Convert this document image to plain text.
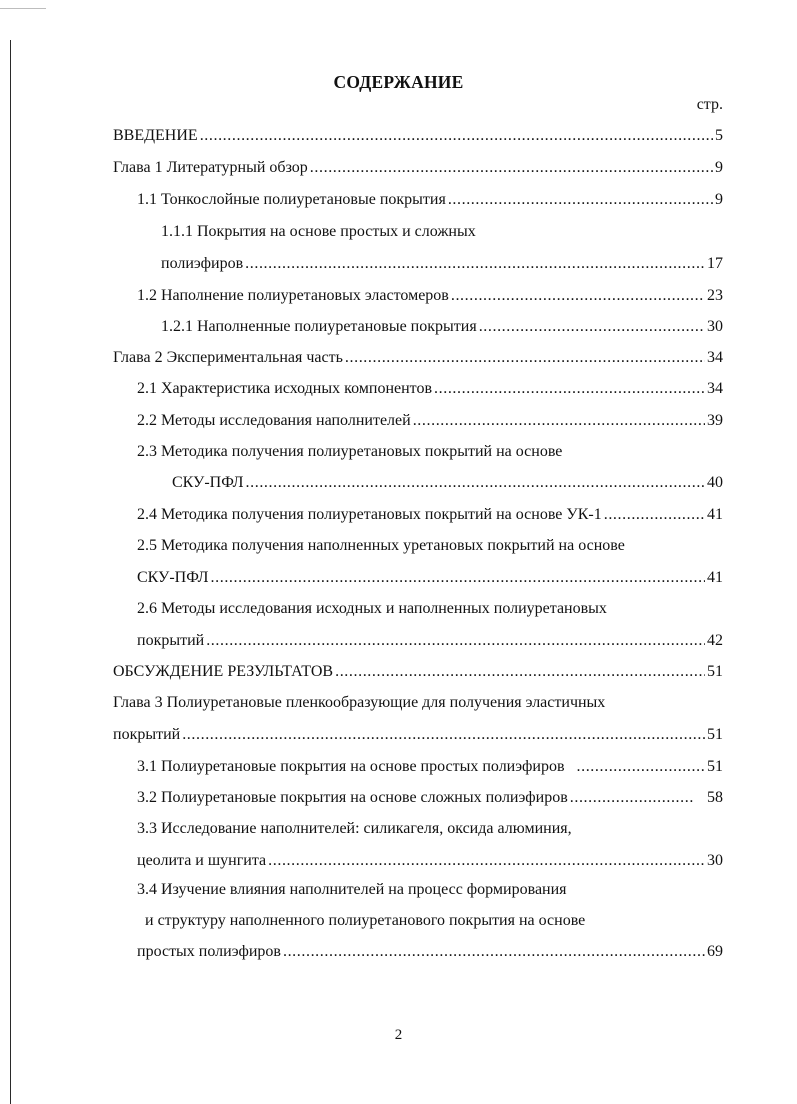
СОДЕРЖАНИЕ
стр.
ВВЕДЕНИЕ .....	5
Глава 1 Литературный обзор .....	9
1.1 Тонкослойные полиуретановые покрытия .....	9
1.1.1 Покрытия на основе простых и сложных
полиэфиров .....	17
1.2 Наполнение полиуретановых эластомеров .....	23
1.2.1 Наполненные полиуретановые покрытия .....	30
Глава 2 Экспериментальная часть .....	34
2.1 Характеристика исходных компонентов .....	34
2.2 Методы исследования наполнителей .....	39
2.3 Методика получения полиуретановых покрытий на основе
СКУ-ПФЛ .....	40
2.4 Методика получения полиуретановых покрытий на основе УК-1 .....	41
2.5 Методика получения наполненных уретановых покрытий на основе
СКУ-ПФЛ .....	41
2.6 Методы исследования исходных и наполненных полиуретановых
покрытий .....	42
ОБСУЖДЕНИЕ РЕЗУЛЬТАТОВ .....	51
Глава 3 Полиуретановые пленкообразующие для получения эластичных
покрытий .....	51
3.1 Полиуретановые покрытия на основе простых полиэфиров .....	51
3.2 Полиуретановые покрытия на основе сложных полиэфиров .....	58
3.3 Исследование наполнителей: силикагеля, оксида алюминия,
цеолита и шунгита .....	30
3.4 Изучение влияния наполнителей на процесс формирования
и структуру наполненного полиуретанового покрытия на основе
простых полиэфиров .....	69
2
